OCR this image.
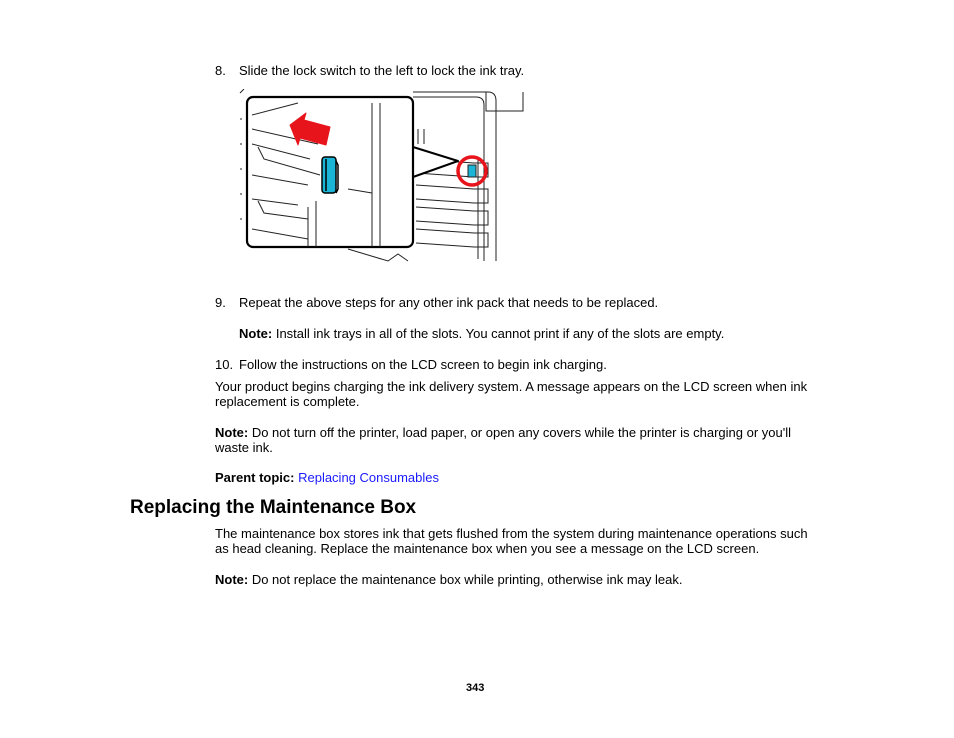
8. Slide the lock switch to the left to lock the ink tray.
9. Repeat the above steps for any other ink pack that needs to be replaced.
Note: Install ink trays in all of the slots. You cannot print if any of the slots are empty.
10. Follow the instructions on the LCD screen to begin ink charging.
Your product begins charging the ink delivery system. A message appears on the LCD screen when ink
replacement is complete.
Note: Do not turn off the printer, load paper, or open any covers while the printer is charging or you'll
waste ink.
Parent topic: Replacing Consumables
Replacing the Maintenance Box
The maintenance box stores ink that gets flushed from the system during maintenance operations such
as head cleaning. Replace the maintenance box when you see a message on the LCD screen.
Note: Do not replace the maintenance box while printing, otherwise ink may leak.
343
